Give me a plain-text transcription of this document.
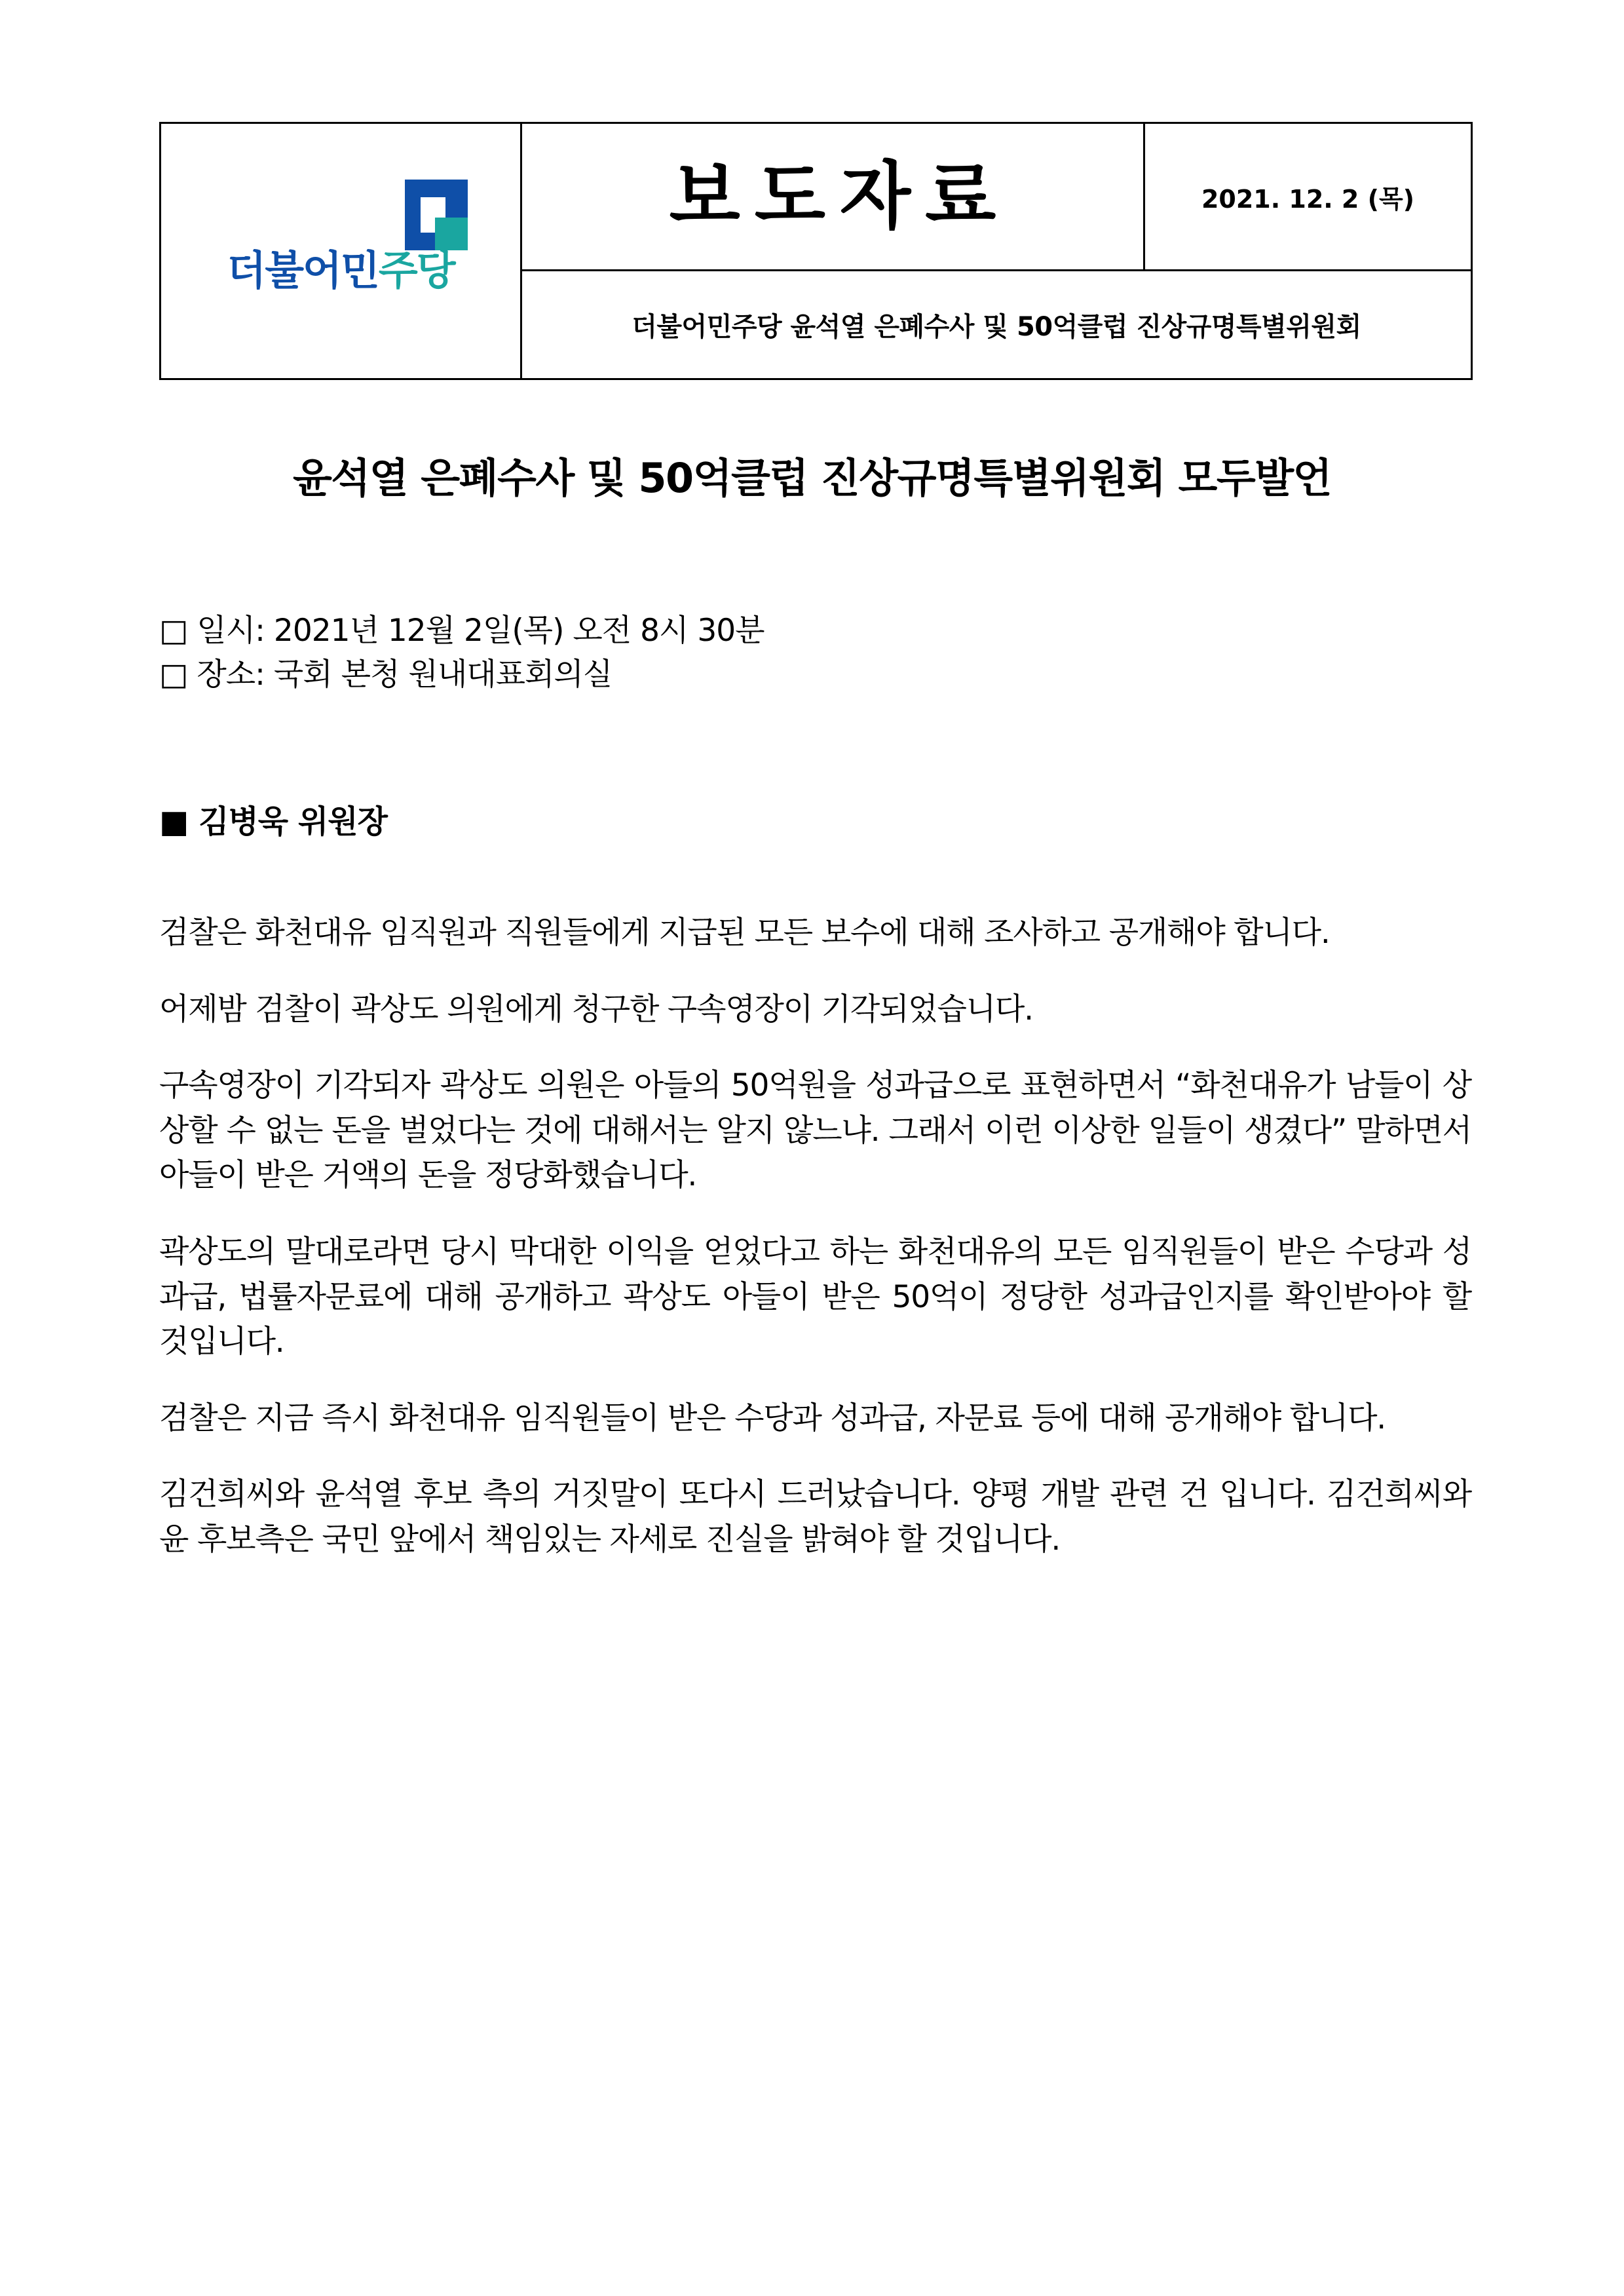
더불어민주당

보도자료	2021. 12. 2 (목)

더불어민주당 윤석열 은폐수사 및 50억클럽 진상규명특별위원회
윤석열 은폐수사 및 50억클럽 진상규명특별위원회 모두발언
□ 일시: 2021년 12월 2일(목) 오전 8시 30분
□ 장소: 국회 본청 원내대표회의실
■ 김병욱 위원장

검찰은 화천대유 임직원과 직원들에게 지급된 모든 보수에 대해 조사하고 공개해야 합니다.

어제밤 검찰이 곽상도 의원에게 청구한 구속영장이 기각되었습니다.

구속영장이 기각되자 곽상도 의원은 아들의 50억원을 성과급으로 표현하면서 “화천대유가 남들이 상상할 수 없는 돈을 벌었다는 것에 대해서는 알지 않느냐. 그래서 이런 이상한 일들이 생겼다” 말하면서 아들이 받은 거액의 돈을 정당화했습니다.

곽상도의 말대로라면 당시 막대한 이익을 얻었다고 하는 화천대유의 모든 임직원들이 받은 수당과 성과급, 법률자문료에 대해 공개하고 곽상도 아들이 받은 50억이 정당한 성과급인지를 확인받아야 할 것입니다.

검찰은 지금 즉시 화천대유 임직원들이 받은 수당과 성과급, 자문료 등에 대해 공개해야 합니다.

김건희씨와 윤석열 후보 측의 거짓말이 또다시 드러났습니다. 양평 개발 관련 건 입니다. 김건희씨와 윤 후보측은 국민 앞에서 책임있는 자세로 진실을 밝혀야 할 것입니다.
